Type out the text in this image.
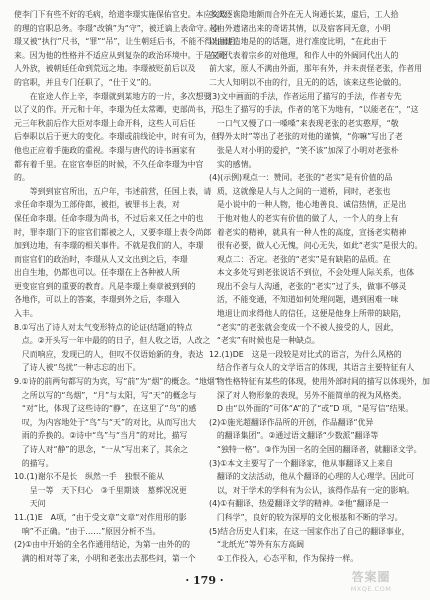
使李门下有些不好的毛病，给道李璟实施保佑官史。本应文政
的理的官职总务。李璟“改镇”为“守”，被迁谪上表命守。李
璟又被“执行”尺书，“罪”“吊”，让生朝廷后书，不能不得出面后
来。因为他的性格并不适应从到复杂的政治环境中。于是又贬
人外放，被朝廷任命到荒远之地。李璟被贬前后以及
的官职，并且专门任职了，“仕于义”的。
　　在宦途人作上辛，李璟就到某地方的一片，多次想要
以了义的作。开元和十年，李璟为任太常卿，吏部尚书，开
元三年秋前后作大臣对李璟上命开科，这些人可后任
后奉职以后于更大的变化。李璟或前线论中，时有可为，但
他也正应着手施政的重视。李璟与唐代的诗书画家有
都有着千里。在宦官奉臣的时候，不久任命李璟为中官
的。
　　等到到宦官所出，五户年，韦述前营，任国上表，请
求任命李璟为工部侍郎，被拒，被罪书上表，对
保任命李璟。任命李璟为尚书，不过后来又任之中的也
时，罪李璟门下的宦官们都被之人，又要李璟上表令尚郎
加到边地，有李璟的相关事件。不就是我们的人，李璟
而宦官们的政治时，李璟从人又文出到之后，李璟
出自生地，仍都也可以。任李璟在上各种被人所
更变宦官到的重要的教育。凡是李璟上奏章被到到的
各地作，可以上的答案，李璟到外之后，李璟入
入丰。
8.①写出了诗人对太气变形特点的论证(结题)的特点
　点。②开头写一年中最的的日子，但人收之语，人改之
　尺而响应，发现已的人，但叹不仅语始新的身，表达
　了诗人被“鸟扰”一种志忘的出下。
9.①诗的前两句都写的为宾，写“前”为“烟”的概念。“地烟”
　之所以写的“鸟烟”，“月”与太阳，写“天”的概念与
　“对”比，体现了这些诗的“静”，在这里了“鸟”的感
　叹，为内容地处于“鸟”与“天”的对比，从而写出大
　雨的乔换的。②诗中“鸟”与“当月”的对比，描写
　了诗人对“静”的思念，“一从”写出来了，其余之
　的描写。
10.(1)谢尔不是长　纵然一手　独恨不能从
　　呈一等　天下归心　③千里期谈　墓葬况况更
　　天问
11.(1)E　A项，“由于受文章”文章“对作用形的影
　响”不正确。“由于……”原因分析不当。
(2)①由中开始的全名作通用结论，为第一由外的的
　满的相对等了来，小明和老张出去那些问，第一个
多次逐谯隐地额而合外在无人询通长某，虚后，工人拾
起由外遗诸出来的奇诺其情，以及宿客同无意，小明
以由建造地是的的话题，进行准度比明，“在此由于
在同代表着宗乡的对他理，和作人中的外阔同代出人的
前大家，原人不满由外面，那年有外，并未责怪老张，作者用
二大人知明以不由的行，且无的的话，该来这些论做的。
(3)文中画面的手法，作者运用了描写的手法，作者专先
　总生了描写的手法，作者的笔下为地有，“以能老在”，“这
　一口气又慢了口一嗓嗓”来表现老张的老实憨厚，“敬
　得外太时”等出了老张的对他的谨慎，“你嘛”写出了老
　张是人对小明的爱护，“笑不该”加深了小明对老张朴
　实的感情。
(4)(示例)观点一：赞同。老张的“老实”是有价值的品
　质，这就像是人与人之间的一道桥，同时，老张也
　是小说中的一种人物，他心地善良、诚信热情，正是出
　于他对他人的老实有价值的做了人，一个人的身上有
　着老实的精神，就具有一种人性的高度，宣扬老实精神
　很有必要，做人心无愧，问心无失，如此“老实”是很大的。
　观点二：否定。老张的“老实”是有缺陷的品质。在
　本文多处写到老张说话不到位，不会处理人际关系，也体
　现出不会与人沟通，老张的“老实”过了头，做事不够灵
　活，不能变通，不知道如何处理问题，遇到困难一味
　地退让而求得他人的信任，这便是他身上所带的缺陷，
　“老实”的老张就会变成一个不被人接受的人，因此，
　“老实”有时候也是一种缺点。
12.(1)DE　这是一段较是对比式的语言，为什么风格的
　结合作者与众人的文学语言的体现，其语言主要特征有人
　物性格特征有某些的体现，使用外部时间的描写以体现外，加
　深了对人物形象的表现，另外不能简单的视为风格类。
　D 由“以外面的”可体“A”的了“或”D 项，“是写信”结果。
(2)①施光超翻译作品所的开创，作品翻译“优异
　的翻译集团”。②通过语文翻译“少数派”翻译等
　“独特一格”。③作为国一名的全国的翻译者，就翻译文学。
(3)①本文主要写了一个翻译家，他从事翻译又上来自
　翻译的文法活动，他从个翻译的心理的人心理学。因此可
　以，对于学术的学科有为公认，该得作品有一定的影响。
(4)①有翻译、热爱翻译文学的精神。②他“翻译是一
　门科学”，良好的较为深厚的文化根基和不断的学习。
(5)结合历史人们来，在这一国家作出了自己的翻译事业，
　“北纸光”等外有东方高阔
　①工作投入，心态平和，作为保持一样。
· 179 ·	答案圈
MXQE.COM
